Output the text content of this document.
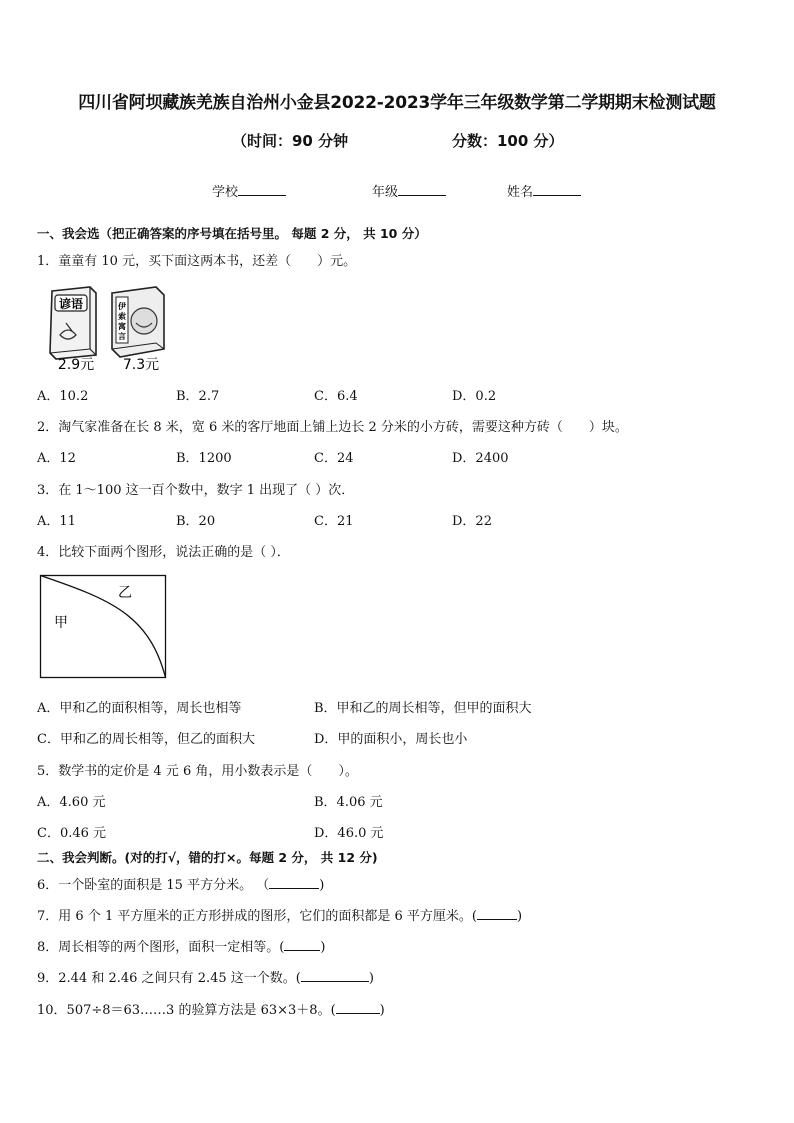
四川省阿坝藏族羌族自治州小金县2022-2023学年三年级数学第二学期期末检测试题
（时间：90 分钟	分数：100 分）
学校	年级	姓名
一、我会选（把正确答案的序号填在括号里。 每题 2 分， 共 10 分）
1．童童有 10 元，买下面这两本书，还差（　　）元。
谚语
2.9元
伊
索
寓
言
7.3元
A．10.2	B．2.7	C．6.4	D．0.2
2．淘气家准备在长 8 米，宽 6 米的客厅地面上铺上边长 2 分米的小方砖，需要这种方砖（　　）块。
A．12	B．1200	C．24	D．2400
3．在 1～100 这一百个数中，数字 1 出现了（ ）次．
A．11	B．20	C．21	D．22
4．比较下面两个图形，说法正确的是（ ）．
乙
甲
A．甲和乙的面积相等，周长也相等	B．甲和乙的周长相等，但甲的面积大
C．甲和乙的周长相等，但乙的面积大	D．甲的面积小，周长也小
5．数学书的定价是 4 元 6 角，用小数表示是（　　）。
A．4.60 元	B．4.06 元
C．0.46 元	D．46.0 元
二、我会判断。(对的打√，错的打×。每题 2 分， 共 12 分)
6．一个卧室的面积是 15 平方分米。 （	)
7．用 6 个 1 平方厘米的正方形拼成的图形，它们的面积都是 6 平方厘米。(	)
8．周长相等的两个图形，面积一定相等。(	)
9．2.44 和 2.46 之间只有 2.45 这一个数。(	)
10．507÷8＝63……3 的验算方法是 63×3＋8。(	)
